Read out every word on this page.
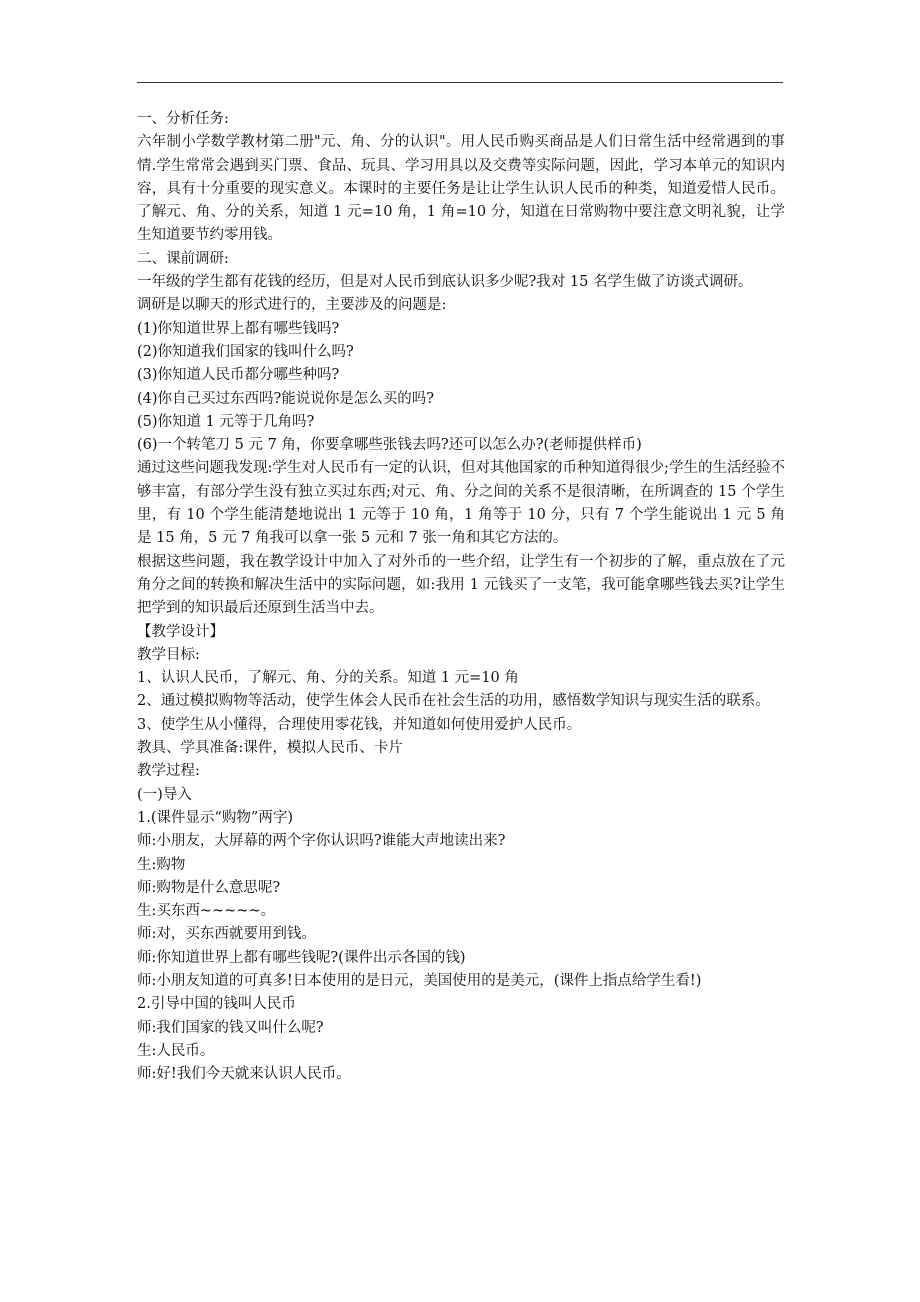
一、分析任务:

六年制小学数学教材第二册"元、角、分的认识"。用人民币购买商品是人们日常生活中经常遇到的事情.学生常常会遇到买门票、食品、玩具、学习用具以及交费等实际问题，因此，学习本单元的知识内容，具有十分重要的现实意义。本课时的主要任务是让让学生认识人民币的种类，知道爱惜人民币。了解元、角、分的关系，知道 1 元=10 角，1 角=10 分，知道在日常购物中要注意文明礼貌，让学生知道要节约零用钱。

二、课前调研:

一年级的学生都有花钱的经历，但是对人民币到底认识多少呢?我对 15 名学生做了访谈式调研。

调研是以聊天的形式进行的，主要涉及的问题是:

(1)你知道世界上都有哪些钱吗?

(2)你知道我们国家的钱叫什么吗?

(3)你知道人民币都分哪些种吗?

(4)你自己买过东西吗?能说说你是怎么买的吗?

(5)你知道 1 元等于几角吗?

(6)一个转笔刀 5 元 7 角，你要拿哪些张钱去吗?还可以怎么办?(老师提供样币)

通过这些问题我发现:学生对人民币有一定的认识，但对其他国家的币种知道得很少;学生的生活经验不够丰富，有部分学生没有独立买过东西;对元、角、分之间的关系不是很清晰，在所调查的 15 个学生里，有 10 个学生能清楚地说出 1 元等于 10 角，1 角等于 10 分，只有 7 个学生能说出 1 元 5 角是 15 角，5 元 7 角我可以拿一张 5 元和 7 张一角和其它方法的。

根据这些问题，我在教学设计中加入了对外币的一些介绍，让学生有一个初步的了解，重点放在了元角分之间的转换和解决生活中的实际问题，如:我用 1 元钱买了一支笔，我可能拿哪些钱去买?让学生把学到的知识最后还原到生活当中去。

【教学设计】

教学目标:

1、认识人民币，了解元、角、分的关系。知道 1 元=10 角

2、通过模拟购物等活动，使学生体会人民币在社会生活的功用，感悟数学知识与现实生活的联系。

3、使学生从小懂得，合理使用零花钱，并知道如何使用爱护人民币。

教具、学具准备:课件，模拟人民币、卡片

教学过程:

(一)导入

1.(课件显示“购物”两字)

师:小朋友，大屏幕的两个字你认识吗?谁能大声地读出来?

生:购物

师:购物是什么意思呢?

生:买东西~~~~~。

师:对，买东西就要用到钱。

师:你知道世界上都有哪些钱呢?(课件出示各国的钱)

师:小朋友知道的可真多!日本使用的是日元，美国使用的是美元，(课件上指点给学生看!)

2.引导中国的钱叫人民币

师:我们国家的钱又叫什么呢?

生:人民币。

师:好!我们今天就来认识人民币。
